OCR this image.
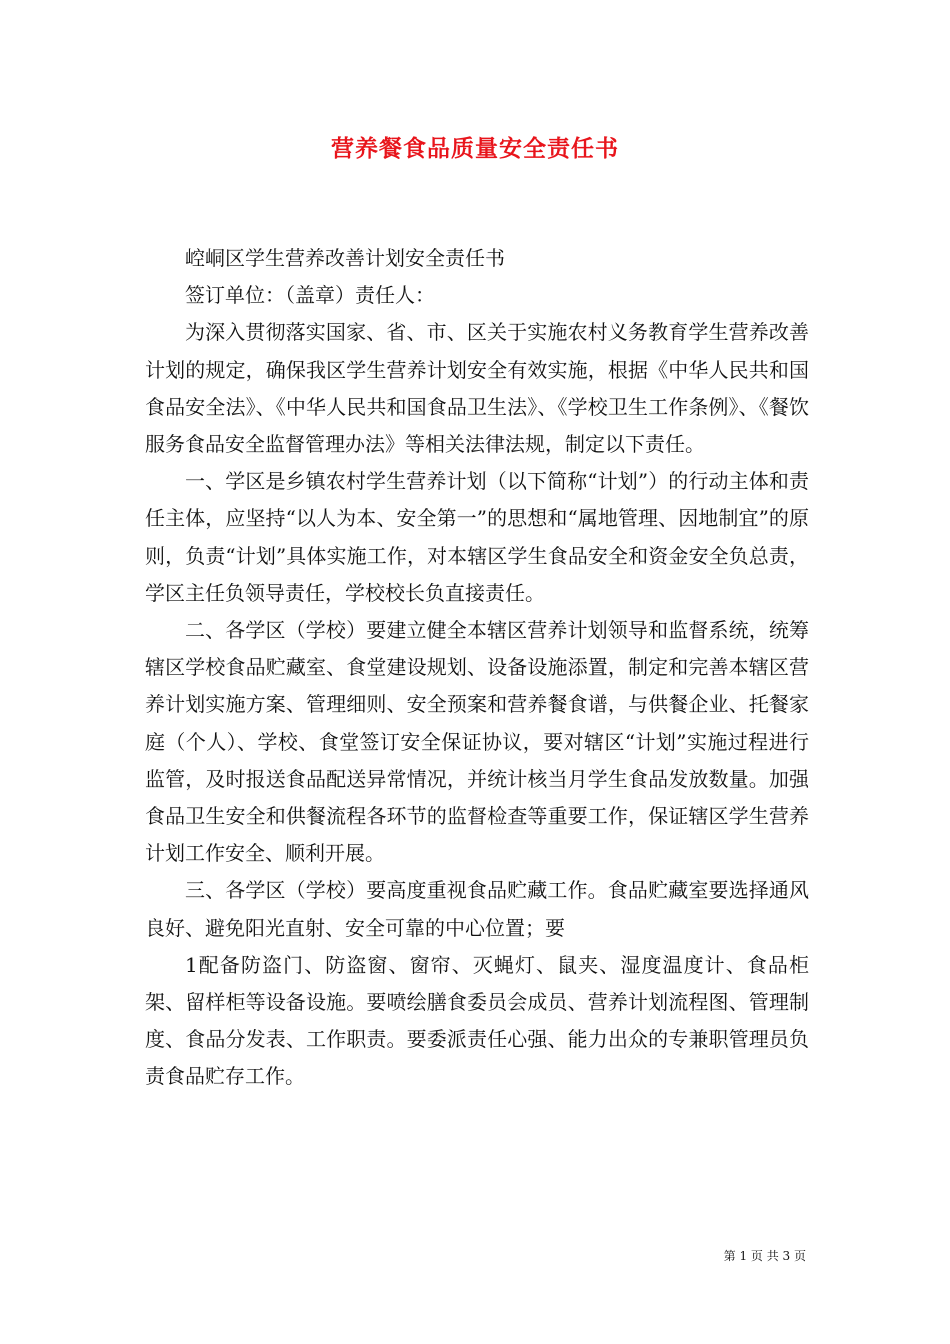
营养餐食品质量安全责任书

崆峒区学生营养改善计划安全责任书

签订单位：（盖章）责任人：

为深入贯彻落实国家、省、市、区关于实施农村义务教育学生营养改善计划的规定，确保我区学生营养计划安全有效实施，根据《中华人民共和国食品安全法》、《中华人民共和国食品卫生法》、《学校卫生工作条例》、《餐饮服务食品安全监督管理办法》等相关法律法规，制定以下责任。

一、学区是乡镇农村学生营养计划（以下简称“计划”）的行动主体和责任主体，应坚持“以人为本、安全第一”的思想和“属地管理、因地制宜”的原则，负责“计划”具体实施工作，对本辖区学生食品安全和资金安全负总责，学区主任负领导责任，学校校长负直接责任。

二、各学区（学校）要建立健全本辖区营养计划领导和监督系统，统筹辖区学校食品贮藏室、食堂建设规划、设备设施添置，制定和完善本辖区营养计划实施方案、管理细则、安全预案和营养餐食谱，与供餐企业、托餐家庭（个人）、学校、食堂签订安全保证协议，要对辖区“计划”实施过程进行监管，及时报送食品配送异常情况，并统计核当月学生食品发放数量。加强食品卫生安全和供餐流程各环节的监督检查等重要工作，保证辖区学生营养计划工作安全、顺利开展。

三、各学区（学校）要高度重视食品贮藏工作。食品贮藏室要选择通风良好、避免阳光直射、安全可靠的中心位置；要

1配备防盗门、防盗窗、窗帘、灭蝇灯、鼠夹、湿度温度计、食品柜架、留样柜等设备设施。要喷绘膳食委员会成员、营养计划流程图、管理制度、食品分发表、工作职责。要委派责任心强、能力出众的专兼职管理员负责食品贮存工作。

第 1 页 共 3 页
